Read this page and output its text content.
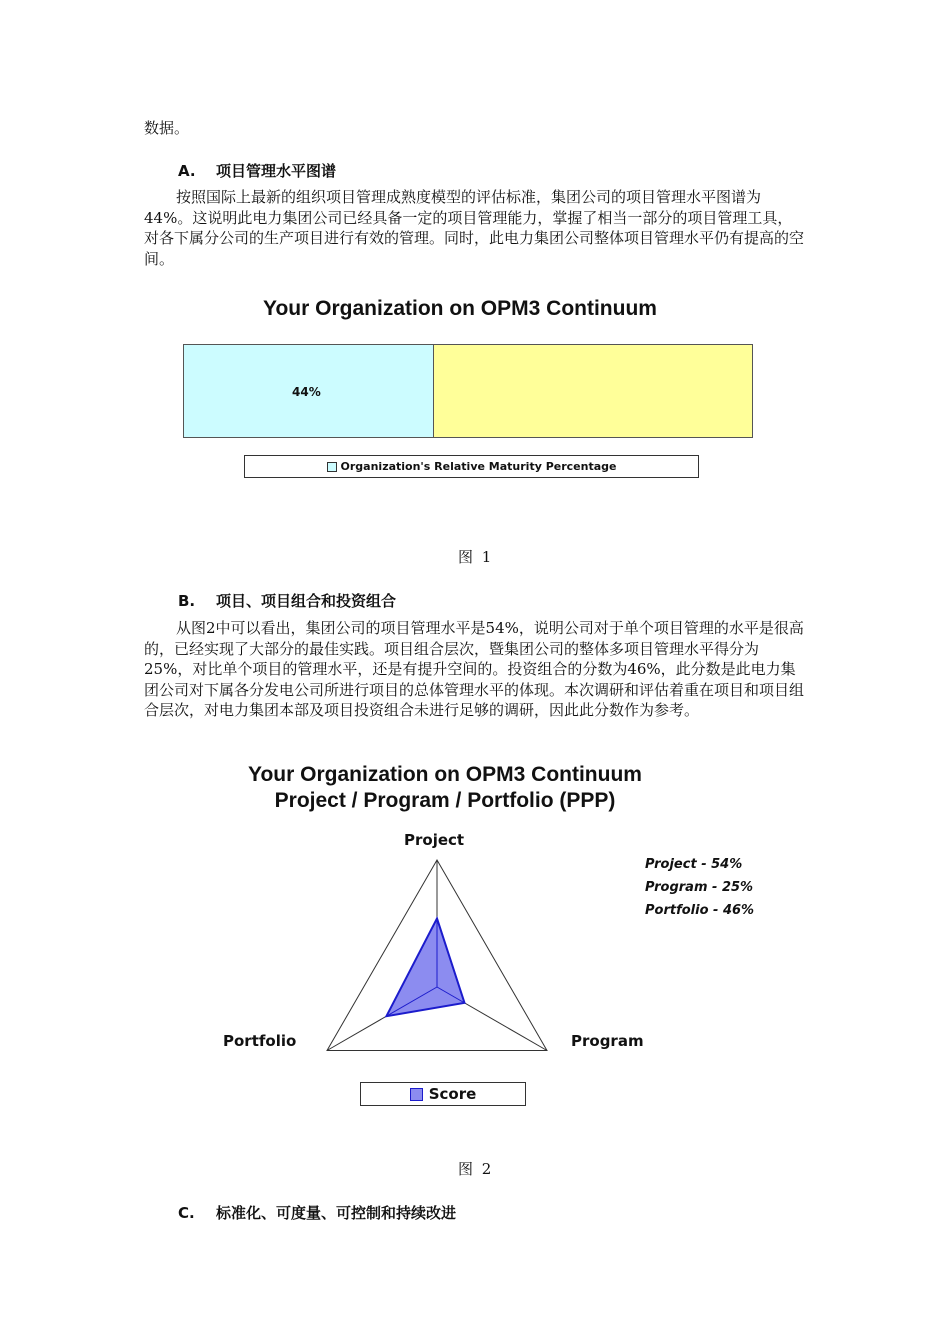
数据。
A. 项目管理水平图谱
按照国际上最新的组织项目管理成熟度模型的评估标准，集团公司的项目管理水平图谱为44%。这说明此电力集团公司已经具备一定的项目管理能力，掌握了相当一部分的项目管理工具，对各下属分公司的生产项目进行有效的管理。同时，此电力集团公司整体项目管理水平仍有提高的空间。
Your Organization on OPM3 Continuum
44%
Organization's Relative Maturity Percentage
图 1
B. 项目、项目组合和投资组合
从图2中可以看出，集团公司的项目管理水平是54%，说明公司对于单个项目管理的水平是很高的，已经实现了大部分的最佳实践。项目组合层次，暨集团公司的整体多项目管理水平得分为25%，对比单个项目的管理水平，还是有提升空间的。投资组合的分数为46%，此分数是此电力集团公司对下属各分发电公司所进行项目的总体管理水平的体现。本次调研和评估着重在项目和项目组合层次，对电力集团本部及项目投资组合未进行足够的调研，因此此分数作为参考。
Your Organization on OPM3 Continuum
Project / Program / Portfolio (PPP)
Project
Program
Portfolio
Project - 54%
Program - 25%
Portfolio - 46%
Score
图 2
C. 标准化、可度量、可控制和持续改进
